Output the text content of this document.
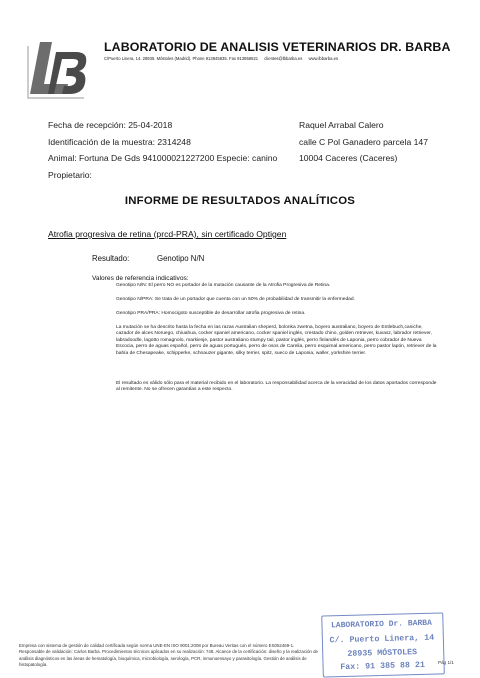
LABORATORIO DE ANALISIS VETERINARIOS DR. BARBA
C/Puerto Linera, 14. 28935. Móstoles (Madrid). Phone 913845835. Fax 913858821 clientes@lbbarba.es www.lbbarba.es
Fecha de recepción: 25-04-2018
Identificación de la muestra: 2314248
Animal: Fortuna De Gds 941000021227200 Especie: canino
Propietario:
Raquel Arrabal Calero
calle C Pol Ganadero parcela 147
10004 Caceres (Caceres)
INFORME DE RESULTADOS ANALÍTICOS
Atrofia progresiva de retina (prcd-PRA), sin certificado Optigen
Resultado:	Genotipo N/N
Valores de referencia indicativos:
Genotipo N/N: El perro NO es portador de la mutación causante de la Atrofia Progresiva de Retina.
Genotipo N/PRA: Se trata de un portador que cuenta con un 50% de probabilidad de transmitir la enfermedad.
Genotipo PRA/PRA: Homocigoto susceptible de desarrollar atrofia progresiva de retina.
La mutación se ha descrito hasta la fecha en las razas Australian sheperd, bolonka zwetna, boyero australiano, boyero de Entlebuch,caniche, cazador de alces Noruego, chiuahua, cocker spaniel americano, cocker spaniel inglés, crestado chino, golden retriever, kuvasz, labrador retriever, labradoodle, lagotto romagnolo, markiesje, pastor australiano stumpy tail, pastor inglés, perro finlandés de Laponia, perro cobrador de Nueva Escocia, perro de aguas español, perro de aguas portugués, perro de osos de Carelia, perro esquimal americano, perro pastor lapón, retriever de la bahía de Chesapeake, schipperke, schnauzer gigante, silky terrier, spitz, sueco de Laponia, waller, yorkshire terrier.
El resultado es válido sólo para el material recibido en el laboratorio. La responsabilidad acerca de la veracidad de los datos aportados corresponde al remitente. No se ofrecen garantías a este respecto.
Empresa con sistema de gestión de calidad certificada según norma UNE-EN ISO 9001:2008 por Bureau Veritas con el número ES052469-1. Responsable de validación: Carlos Barba. Procedimientos técnicos aplicados en su realización: 748. Alcance de la certificación: diseño y la realización de análisis diagnósticos en las áreas de hematología, bioquímica, microbiología, serología, PCR, inmunoensayo y parasitología. Gestión de análisis de histopatología.	Pág 1/1
LABORATORIO Dr. BARBA
C/. Puerto Linera, 14
28935 MÓSTOLES
Fax: 91 385 88 21
